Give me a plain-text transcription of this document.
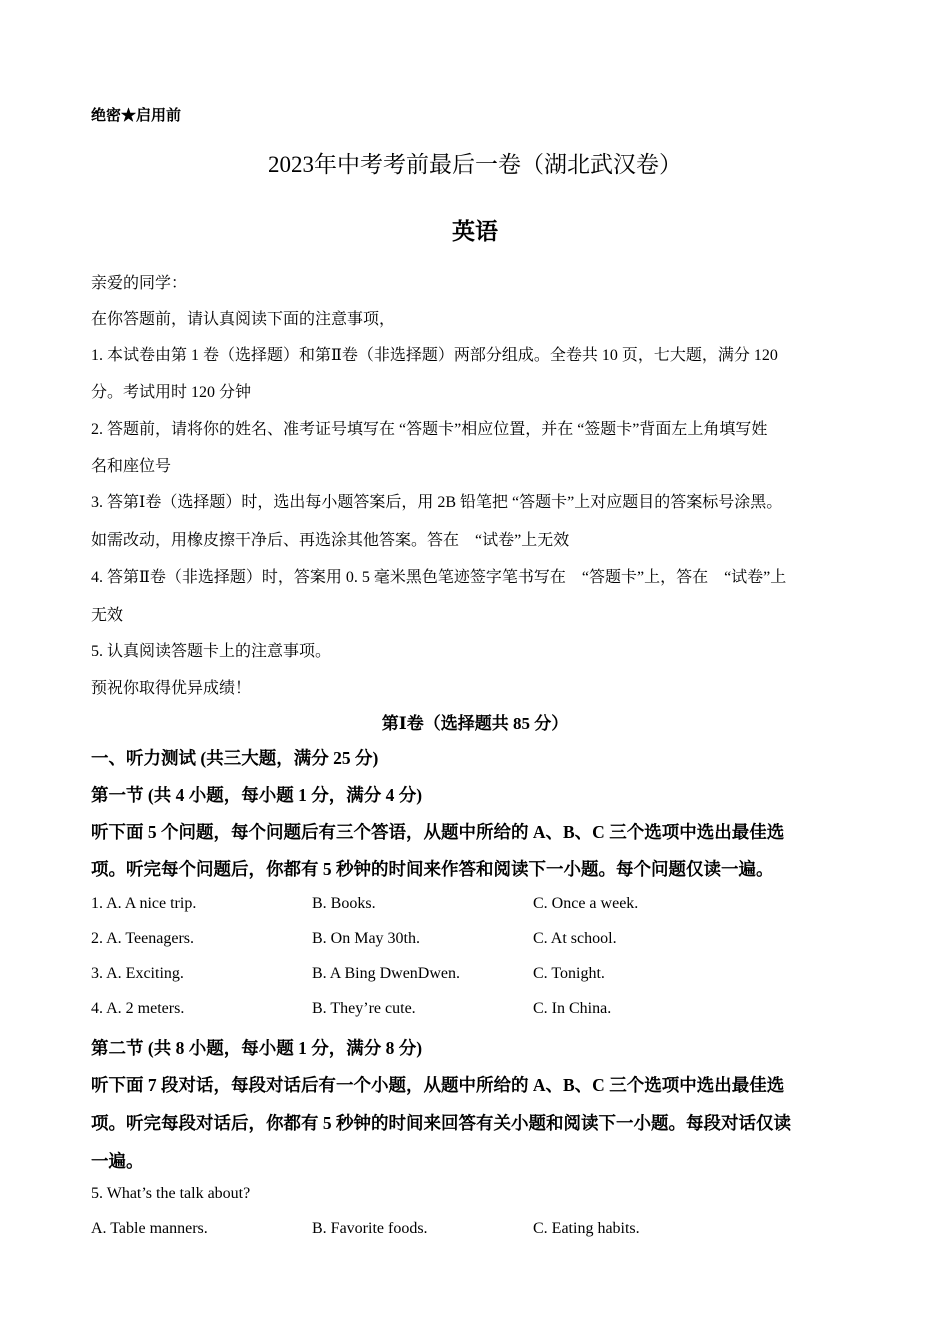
绝密★启用前
2023年中考考前最后一卷（湖北武汉卷）
英语
亲爱的同学：
在你答题前，请认真阅读下面的注意事项，
1. 本试卷由第 1 卷（选择题）和第Ⅱ卷（非选择题）两部分组成。全卷共 10 页，七大题，满分 120
分。考试用时 120 分钟
2. 答题前，请将你的姓名、准考证号填写在 “答题卡”相应位置，并在 “签题卡”背面左上角填写姓
名和座位号
3. 答第Ⅰ卷（选择题）时，选出每小题答案后，用 2B 铅笔把 “答题卡”上对应题目的答案标号涂黑。
如需改动，用橡皮擦干净后、再选涂其他答案。答在　“试卷”上无效
4. 答第Ⅱ卷（非选择题）时，答案用 0. 5 毫米黑色笔迹签字笔书写在　“答题卡”上，答在　“试卷”上
无效
5. 认真阅读答题卡上的注意事项。
预祝你取得优异成绩！
第Ⅰ卷（选择题共 85 分）
一、听力测试 (共三大题，满分 25 分)
第一节 (共 4 小题，每小题 1 分，满分 4 分)
听下面 5 个问题，每个问题后有三个答语，从题中所给的 A、B、C 三个选项中选出最佳选
项。听完每个问题后，你都有 5 秒钟的时间来作答和阅读下一小题。每个问题仅读一遍。
1. A. A nice trip.	B. Books.	C. Once a week.
2. A. Teenagers.	B. On May 30th.	C. At school.
3. A. Exciting.	B. A Bing DwenDwen.	C. Tonight.
4. A. 2 meters.	B. They’re cute.	C. In China.
第二节 (共 8 小题，每小题 1 分，满分 8 分)
听下面 7 段对话，每段对话后有一个小题，从题中所给的 A、B、C 三个选项中选出最佳选
项。听完每段对话后，你都有 5 秒钟的时间来回答有关小题和阅读下一小题。每段对话仅读
一遍。
5. What’s the talk about?
A. Table manners.	B. Favorite foods.	C. Eating habits.
